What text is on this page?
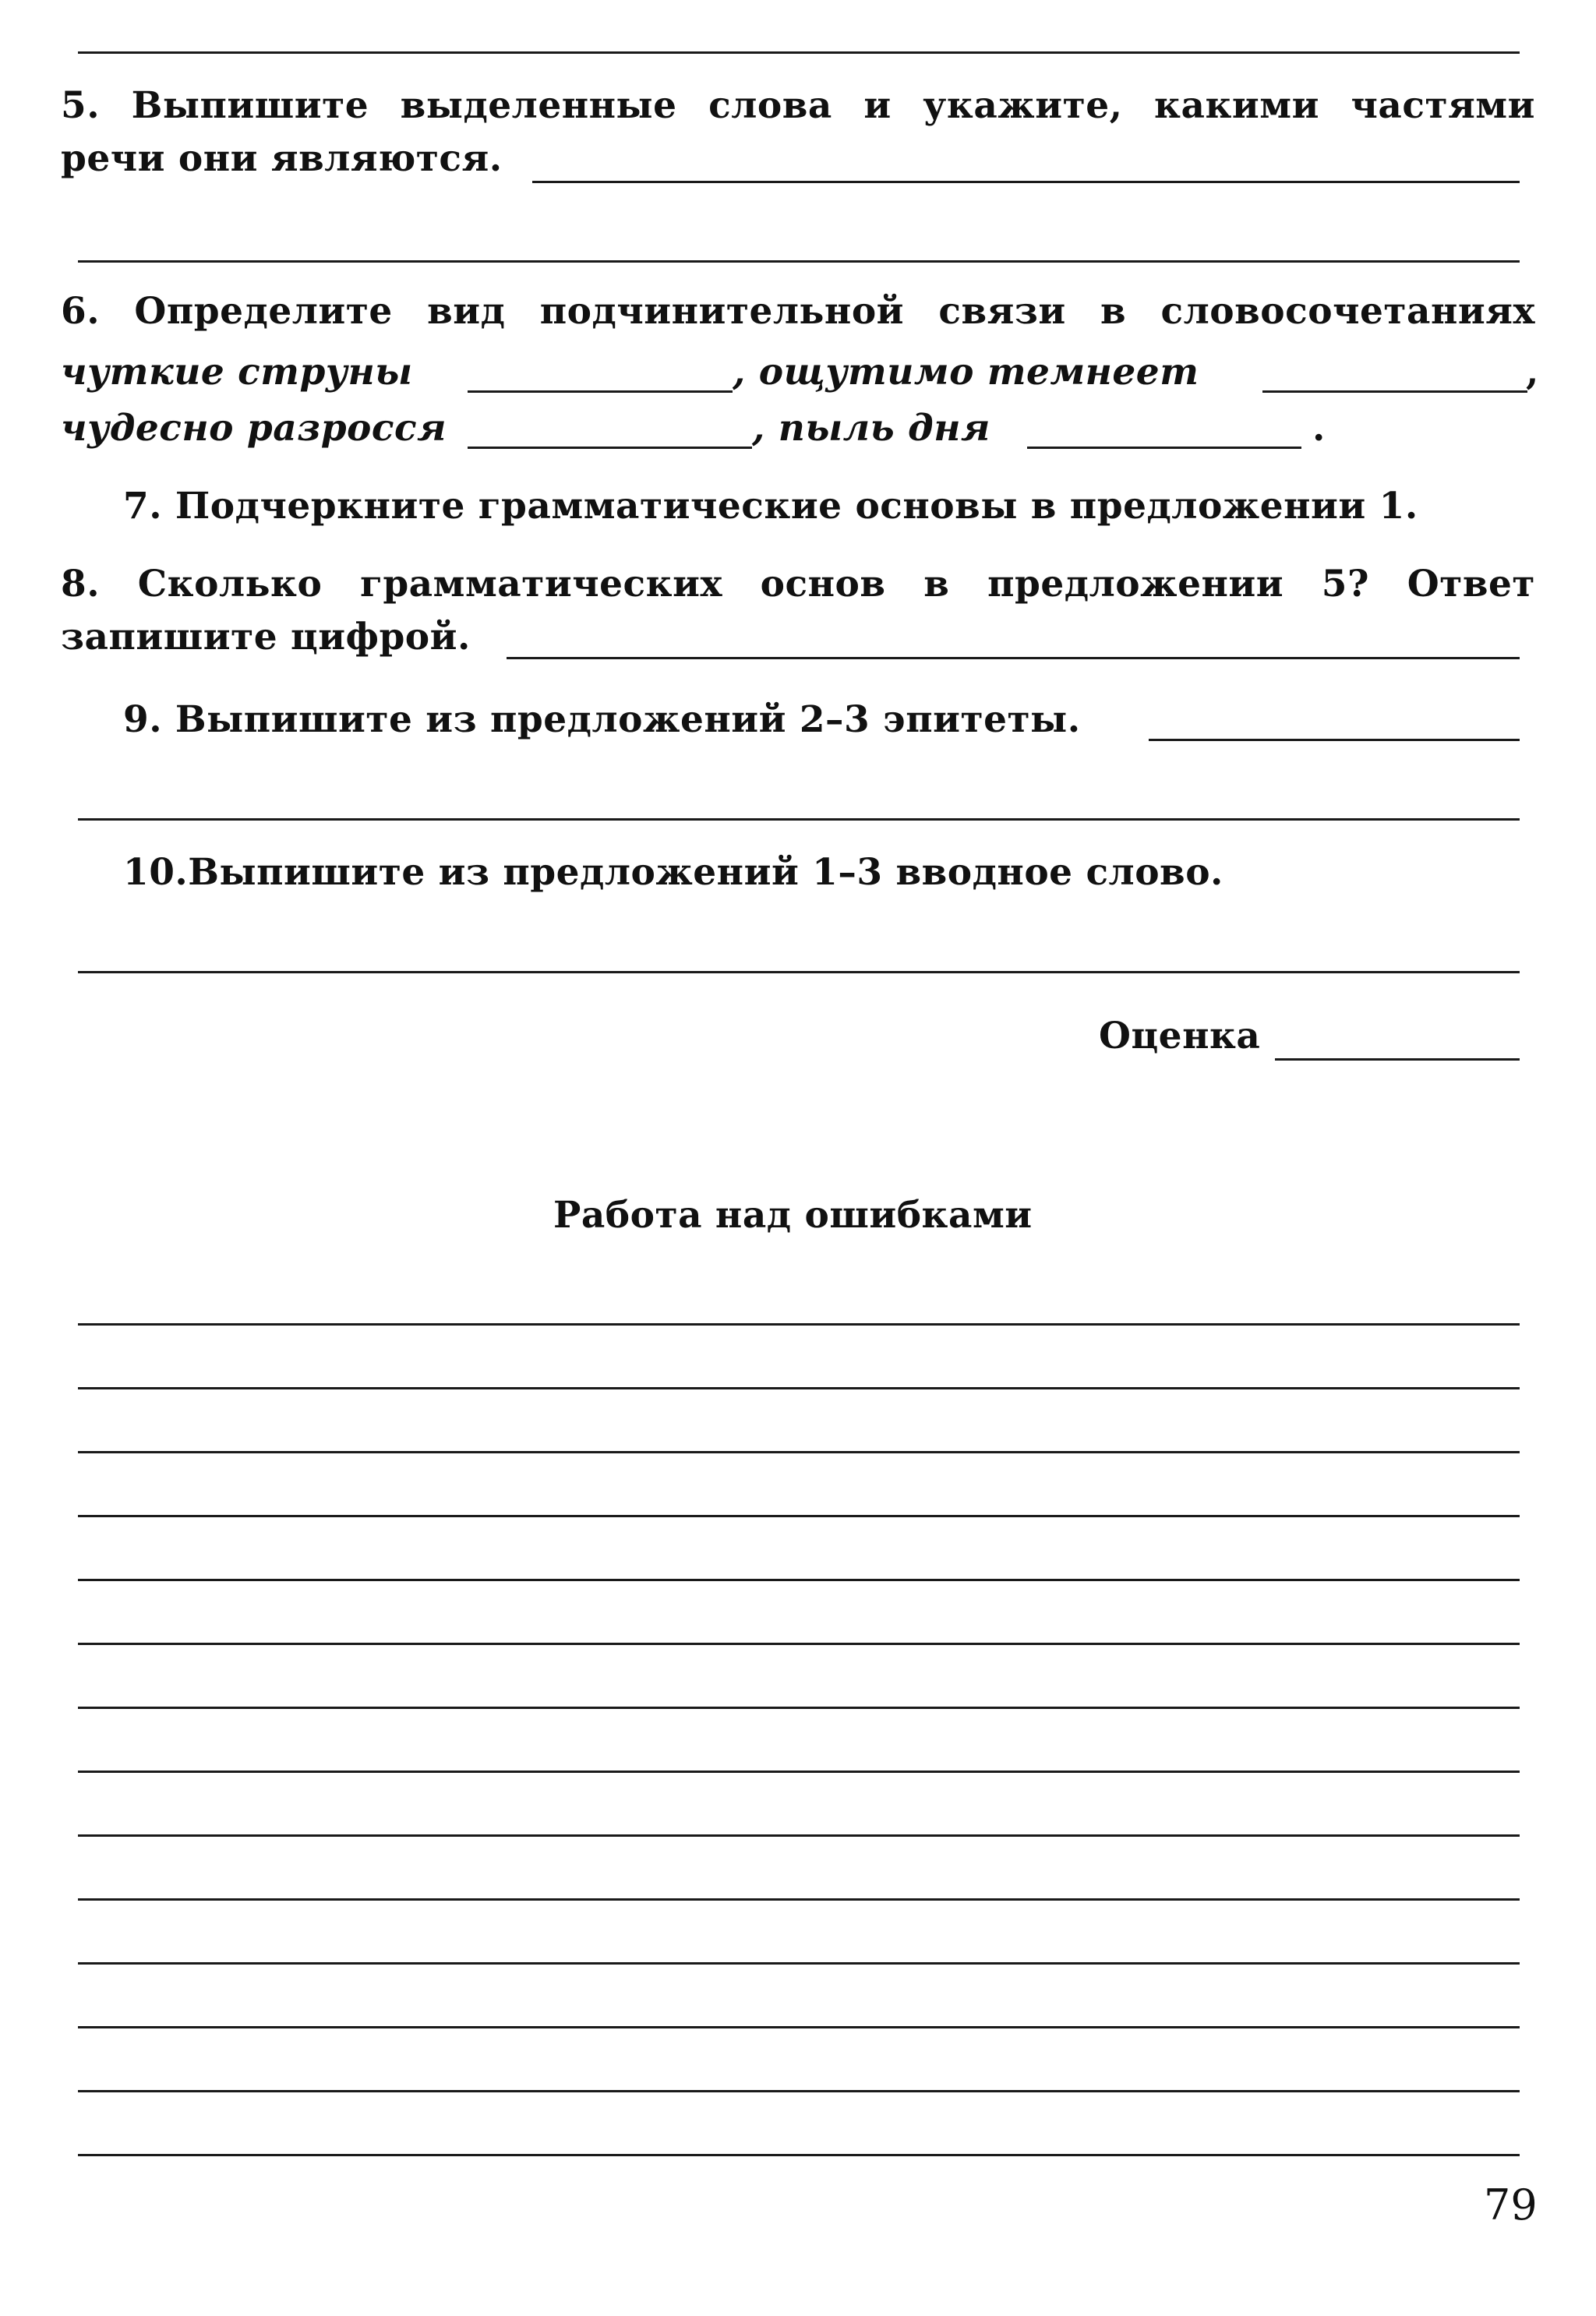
5. Выпишите выделенные слова и укажите, какими частями
речи они являются.
6. Определите вид подчинительной связи в словосочетаниях
чуткие струны	, ощутимо темнеет	,
чудесно разросся	, пыль дня	.
7. Подчеркните грамматические основы в предложении 1.
8. Сколько грамматических основ в предложении 5? Ответ
запишите цифрой.
9. Выпишите из предложений 2–3 эпитеты.
10.Выпишите из предложений 1–3 вводное слово.
Оценка
Работа над ошибками
79
